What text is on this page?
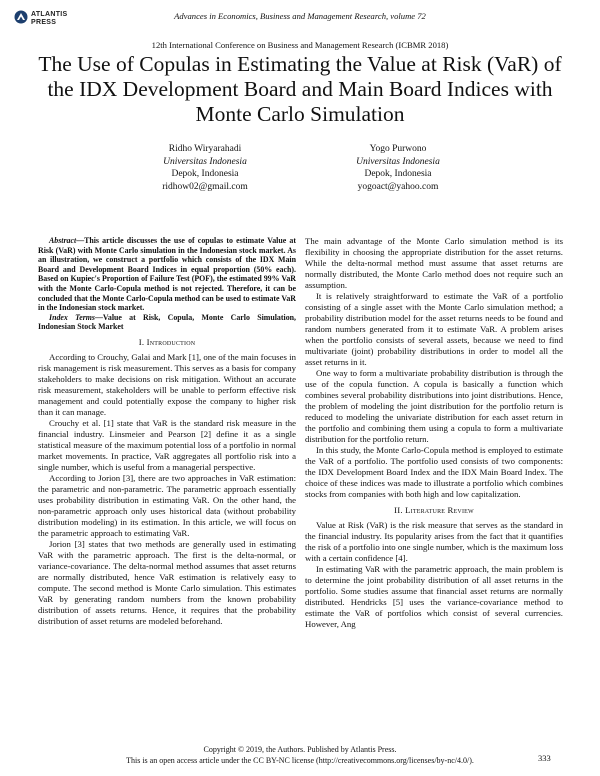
ATLANTIS
PRESS
Advances in Economics, Business and Management Research, volume 72
12th International Conference on Business and Management Research (ICBMR 2018)
The Use of Copulas in Estimating the Value at Risk (VaR) of the IDX Development Board and Main Board Indices with Monte Carlo Simulation
Ridho Wiryarahadi
Universitas Indonesia
Depok, Indonesia
ridhow02@gmail.com
Yogo Purwono
Universitas Indonesia
Depok, Indonesia
yogoact@yahoo.com
Abstract—This article discusses the use of copulas to estimate Value at Risk (VaR) with Monte Carlo simulation in the Indonesian stock market. As an illustration, we construct a portfolio which consists of the IDX Main Board and Development Board Indices in equal proportion (50% each). Based on Kupiec's Proportion of Failure Test (POF), the estimated 99% VaR with the Monte Carlo-Copula method is not rejected. Therefore, it can be concluded that the Monte Carlo-Copula method can be used to estimate VaR in the Indonesian stock market.
Index Terms—Value at Risk, Copula, Monte Carlo Simulation, Indonesian Stock Market
I. Introduction

According to Crouchy, Galai and Mark [1], one of the main focuses in risk management is risk measurement. This serves as a basis for company stakeholders to make decisions on risk mitigation. Without an accurate risk measurement, stakeholders will be unable to perform effective risk management and could potentially expose the company to higher risk than it can manage.

Crouchy et al. [1] state that VaR is the standard risk measure in the financial industry. Linsmeier and Pearson [2] define it as a single statistical measure of the maximum potential loss of a portfolio in normal market movements. In practice, VaR aggregates all portfolio risk into a single number, which is useful from a managerial perspective.

According to Jorion [3], there are two approaches in VaR estimation: the parametric and non-parametric. The parametric approach essentially uses probability distribution in estimating VaR. On the other hand, the non-parametric approach only uses historical data (without probability distribution modeling) in its estimation. In this article, we will focus on the parametric approach to estimating VaR.

Jorion [3] states that two methods are generally used in estimating VaR with the parametric approach. The first is the delta-normal, or variance-covariance. The delta-normal method assumes that asset returns are normally distributed, hence VaR estimation is relatively easy to compute. The second method is Monte Carlo simulation. This estimates VaR by generating random numbers from the known probability distribution of assets returns. Hence, it requires that the probability distribution of asset returns are modeled beforehand.

The main advantage of the Monte Carlo simulation method is its flexibility in choosing the appropriate distribution for the asset returns. While the delta-normal method must assume that asset returns are normally distributed, the Monte Carlo method does not require such an assumption.

It is relatively straightforward to estimate the VaR of a portfolio consisting of a single asset with the Monte Carlo simulation method; a probability distribution model for the asset returns needs to be found and random numbers generated from it to estimate VaR. A problem arises when the portfolio consists of several assets, because we need to find multivariate (joint) probability distributions in order to model all the asset returns in it.

One way to form a multivariate probability distribution is through the use of the copula function. A copula is basically a function which combines several probability distributions into joint distributions. Hence, the problem of modeling the joint distribution for the portfolio return is reduced to modeling the univariate distribution for each asset return in the portfolio and combining them using a copula to form a multivariate distribution for the portfolio return.

In this study, the Monte Carlo-Copula method is employed to estimate the VaR of a portfolio. The portfolio used consists of two components: the IDX Development Board Index and the IDX Main Board Index. The choice of these indices was made to illustrate a portfolio which combines stocks from companies with both high and low capitalization.

II. Literature Review

Value at Risk (VaR) is the risk measure that serves as the standard in the financial industry. Its popularity arises from the fact that it quantifies the risk of a portfolio into one single number, which is the maximum loss with a certain confidence [4].

In estimating VaR with the parametric approach, the main problem is to determine the joint probability distribution of all asset returns in the portfolio. Some studies assume that financial asset returns are normally distributed. Hendricks [5] uses the variance-covariance method to estimate the VaR of portfolios which consist of several currencies. However, Ang

Copyright © 2019, the Authors. Published by Atlantis Press.
This is an open access article under the CC BY-NC license (http://creativecommons.org/licenses/by-nc/4.0/).	333
